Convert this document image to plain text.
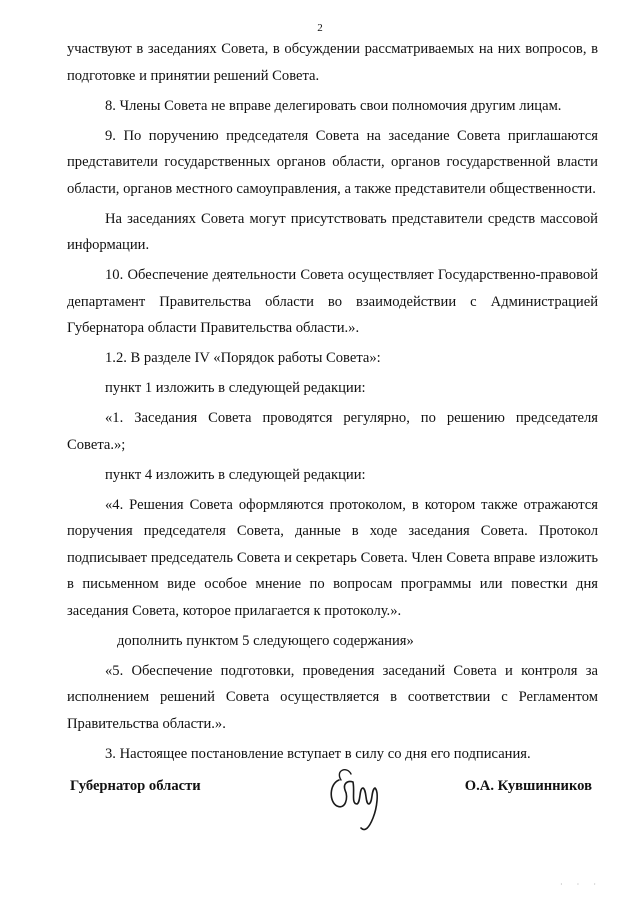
2

участвуют в заседаниях Совета, в обсуждении рассматриваемых на них вопросов, в подготовке и принятии решений Совета.

8. Члены Совета не вправе делегировать свои полномочия другим лицам.

9. По поручению председателя Совета на заседание Совета приглашаются представители государственных органов области, органов государственной власти области, органов местного самоуправления, а также представители общественности.

На заседаниях Совета могут присутствовать представители средств массовой информации.

10. Обеспечение деятельности Совета осуществляет Государственно-правовой департамент Правительства области во взаимодействии с Администрацией Губернатора области Правительства области.».

1.2. В разделе IV «Порядок работы Совета»:

пункт 1 изложить в следующей редакции:

«1. Заседания Совета проводятся регулярно, по решению председателя Совета.»;

пункт 4 изложить в следующей редакции:

«4. Решения Совета оформляются протоколом, в котором также отражаются поручения председателя Совета, данные в ходе заседания Совета. Протокол подписывает председатель Совета и секретарь Совета. Член Совета вправе изложить в письменном виде особое мнение по вопросам программы или повестки дня заседания Совета, которое прилагается к протоколу.».

дополнить пунктом 5 следующего содержания»

«5. Обеспечение подготовки, проведения заседаний Совета и контроля за исполнением решений Совета осуществляется в соответствии с Регламентом Правительства области.».

3. Настоящее постановление вступает в силу со дня его подписания.

Губернатор области	О.А. Кувшинников
· · ·
